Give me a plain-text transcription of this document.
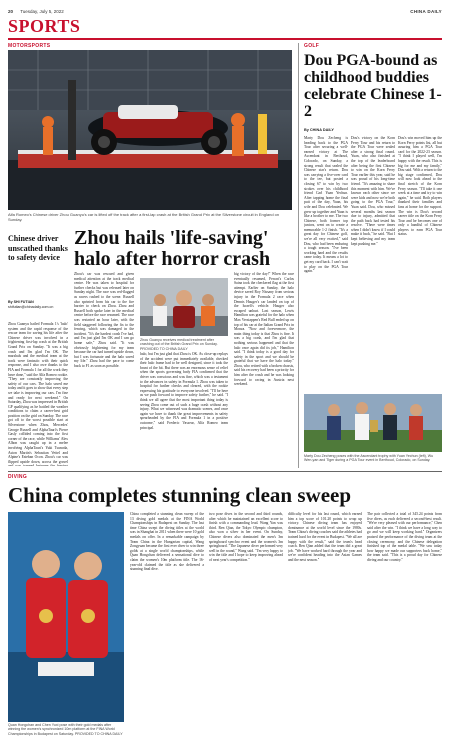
20 Tuesday, July 5, 2022	CHINA DAILY
SPORTS
MOTORSPORTS
Alfa Romeo's Chinese driver Zhou Guanyu's car is lifted off the track after a first-lap crash at the British Grand Prix at the Silverstone circuit in England on Sunday.
Chinese driver unscathed thanks to safety device
By SHI FUTIAN
shifutian@chinadaily.com.cn
Zhou hails 'life-saving' halo after horror crash
Zhou Guanyu hailed Formula 1's 'halo' system and the rapid response of the rescue team for saving his life after the Chinese driver was involved in a frightening first-lap crash at the British Grand Prix on Sunday. "It was a big crash and I'm glad I'm OK. The marshals and the medical team at the track were fantastic with their quick response, and I also owe thanks to the FIA and Formula 1 for all the work they have done," said the Alfa Romeo rookie. "They are constantly improving the safety of our cars. The halo saved me today and it goes to show that every step we take is improving our cars. I'm fine and ready for next weekend." On Saturday, Zhou was impressed in British GP qualifying as he battled the weather conditions to claim a career-best grid position on the grid on Sunday. The race got off to the worst possible start at Silverstone when Zhou, Mercedes' George Russell and AlphaTauri's Pierre Gasly collided coming into the first corner of the race, while Williams' Alex Albon was caught up in a melee involving AlphaTauri's Yuki Tsunoda, Aston Martin's Sebastian Vettel and Alpine's Esteban Ocon. Zhou's car was flipped upside down, across the gravel
Zhou's car was rescued and given medical attention at the track medical centre. He was taken to hospital for further checks but was released later on Sunday night. The race was red-flagged as racers rushed to the scene. Russell also sprinted from his car to the fire barrier to check on Zhou. Zhou and Russell both spoke later in the medical centre before the race resumed. The race was restarted an hour later, with the field staggered following the fix to the fencing, which was damaged in the incident. "It's the hardest crash I've had, and I'm just glad I'm OK and I can go home safe," Zhou said. "It was obviously frightening for my team because the car had turned upside down, but I was fortunate and the halo saved my life." Zhou had the pace to come back to F1 as soon as possible.
Zhou Guanyu receives medical treatment after crashing out of the British Grand Prix on Sunday. PROVIDED TO CHINA DAILY
halo, but I'm just glad that Zhou is OK. As close-up replays of the accident were put immediately available, checked their halo frame had to be well designed, since it took the brunt of the hit. But there was an enormous sense of relief when the sports governing body FIA confirmed that the driver was conscious and was fine, which was a testament to the advances in safety in Formula 1. Zhou was taken to hospital for further checks and cleared, with the rookie expressing his gratitude to everyone involved. "I'll be here as we push forward to improve safety further," he said. "I think we all agree that the most important thing today is seeing Zhou come out of such a huge crash without any injury. What we witnessed was dramatic scenes, and once again we have to thank the great improvements in safety spearheaded by the FIA and Formula 1 in a positive outcome," said Frederic Vasseur, Alfa Romeo team principal.
big victory of the day!" When the race eventually resumed, Ferrari's Carlos Sainz took the checkered flag at the first attempt. Earlier on Sunday, the halo device saved Roy Nissany from serious injury in the Formula 2 race when Dennis Hauger's car landed on top of the Israeli's vehicle. Hauger also escaped unhurt. Last season, Lewis Hamilton was grateful for the halo when Max Verstappen's Red Bull ended up on top of his car at the Italian Grand Prix in Monza. "Now and forevermore, the main thing today is that Zhou is fine. It was a big crash, and I'm glad that nothing serious happened and that the halo once again did its job," Hamilton said. "I think today is a good day for safety in the sport and we should be grateful that we have the halo today." Zhou, who retired with a broken chassis, said his recovery had been a priority for him after the crash and he was looking forward to racing in Austria next weekend.
GOLF
Dou PGA-bound as childhood buddies celebrate Chinese 1-2
By CHINA DAILY
Marty Dou Zecheng is heading back to the PGA Tour after securing a well-earned victory at The Ascendant in Berthoud, Colorado, on Sunday, a strong result that sealed the Chinese star's return. Dou was carrying a five-over card to the tee, but posted a closing 67 to win by two strokes over his childhood friend Carl Yuan Yechun. After tapping home the final putt of the day, Yuan, his wife and Dou celebrated. We grew up together and Yuan is like a brother to me. The two Chinese, both former top juniors, went on to create a memorable 1-2 finish. "It's a great day for Chinese golf, we're all very excited," said Dou, who had been enduring a tough season. "I've been working hard and the results came today. It means a lot to get my card back. I can't wait to play on the PGA Tour again."
Dou's victory on the Korn Ferry Tour and his return to the PGA Tour were sealed after a strong final round. Yuan, who also finished at the top of the leaderboard after being the first Chinese to win on the Korn Ferry Tour earlier this year, said he was proud of his long-time friend. "It's amazing to share this moment with him. We've known each other since we were kids and now we're both going to the PGA Tour," Yuan said. Dou, who missed several months last season due to injury, admitted that the path back had tested his resolve. "There were times when I didn't know if I could make it back," he said. "But I kept believing and my team kept pushing me."
Dou's win moved him up the Korn Ferry points list, all but assuring him a PGA Tour card for the 2022-23 season. "I think I played well, I'm happy with the result. This is big for me and my family," Dou said. With a return to the big stage confirmed, Dou will now look ahead to the final stretch of the Korn Ferry season. "I'll take it one week at a time and try to win again," he said. Both players thanked their families and fans at home for the support. The win is Dou's second career title on the Korn Ferry Tour and he becomes one of only a handful of Chinese players to earn PGA Tour status.
Marty Dou Zecheng poses with the Ascendant trophy with Yuan Yechun (left), Wu Wen-yan and Tiger during a PGA Tour event in Berthoud, Colorado, on Sunday.
DIVING
China completes stunning clean sweep
Quan Hongchan and Chen Yuxi pose with their gold medals after winning the women's synchronized 10m platform at the FINA World Championships in Budapest on Saturday. PROVIDED TO CHINA DAILY
China completed a stunning clean sweep of the 13 diving gold medals at the FINA World Championships in Budapest on Sunday. The last time China swept the diving titles at the world was in Shanghai in 2011 when there were 10 gold medals on offer. In a remarkable campaign by Team China in the Hungarian capital, Wang Zongyuan became the first ever diver to win three golds at a single world championships, while Quan Hongchan delivered a sensational dive to claim the women's 10m platform title. The 16-year-old claimed the title as she delivered a stunning final dive.
two pose dives in the second and third rounds, after which he maintained an excellent score to finish with a commanding lead. Wang Yan was third. Ren Qian, the Tokyo Olympic champion, also won a silver in her event. On Sunday, Chinese divers also dominated the men's 3m springboard synchro event and the women's 3m springboard. "The Japanese diver performed very well in the round," Wang said. "I'm very happy to win the title and I hope to keep improving ahead of next year's competition."
difficulty level for his last round, which earned him a top score of 101.20 points to wrap up victory. Chinese diving team has enjoyed dominance at the world level since the 1980s. Team China's diving coaches said the athletes had trained hard for the event in Budapest. "We all are happy with the result," said the team's head coach. Ren Qian added that the team did a great job. "We have worked hard through the year and we're confident heading into the Asian Games and the next season."
The pair collected a total of 345.24 points from five dives, as each delivered a second-best result. "We're very pleased with our performance," Chen said after the win. "I think we have a long way to go and we will keep working hard." Organizers praised the performance of the diving team at the closing ceremony, and the Chinese delegation finished top of the medal table. "We saw today how happy we made our supporters back home," the team said. "This is a proud day for Chinese diving and our country."
